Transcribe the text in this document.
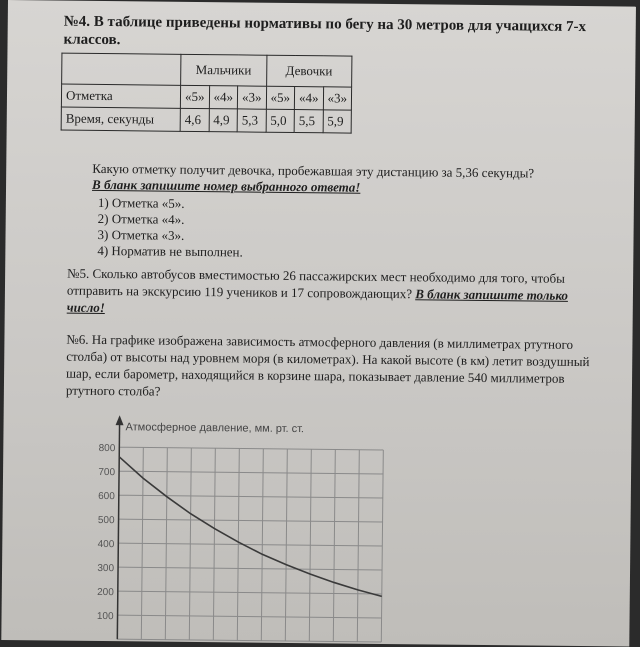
№4. В таблице приведены нормативы по бегу на 30 метров для учащихся 7-х классов.
	Мальчики			Девочки		
Отметка	«5»	«4»	«3»	«5»	«4»	«3»
Время, секунды	4,6	4,9	5,3	5,0	5,5	5,9
Какую отметку получит девочка, пробежавшая эту дистанцию за 5,36 секунды?
В бланк запишите номер выбранного ответа!
1) Отметка «5».
2) Отметка «4».
3) Отметка «3».
4) Норматив не выполнен.
№5. Сколько автобусов вместимостью 26 пассажирских мест необходимо для того, чтобы отправить на экскурсию 119 учеников и 17 сопровождающих? В бланк запишите только число!
№6. На графике изображена зависимость атмосферного давления (в миллиметрах ртутного столба) от высоты над уровнем моря (в километрах). На какой высоте (в км) летит воздушный шар, если барометр, находящийся в корзине шара, показывает давление 540 миллиметров ртутного столба?
Атмосферное давление, мм. рт. ст.
800
700
600
500
400
300
200
100
